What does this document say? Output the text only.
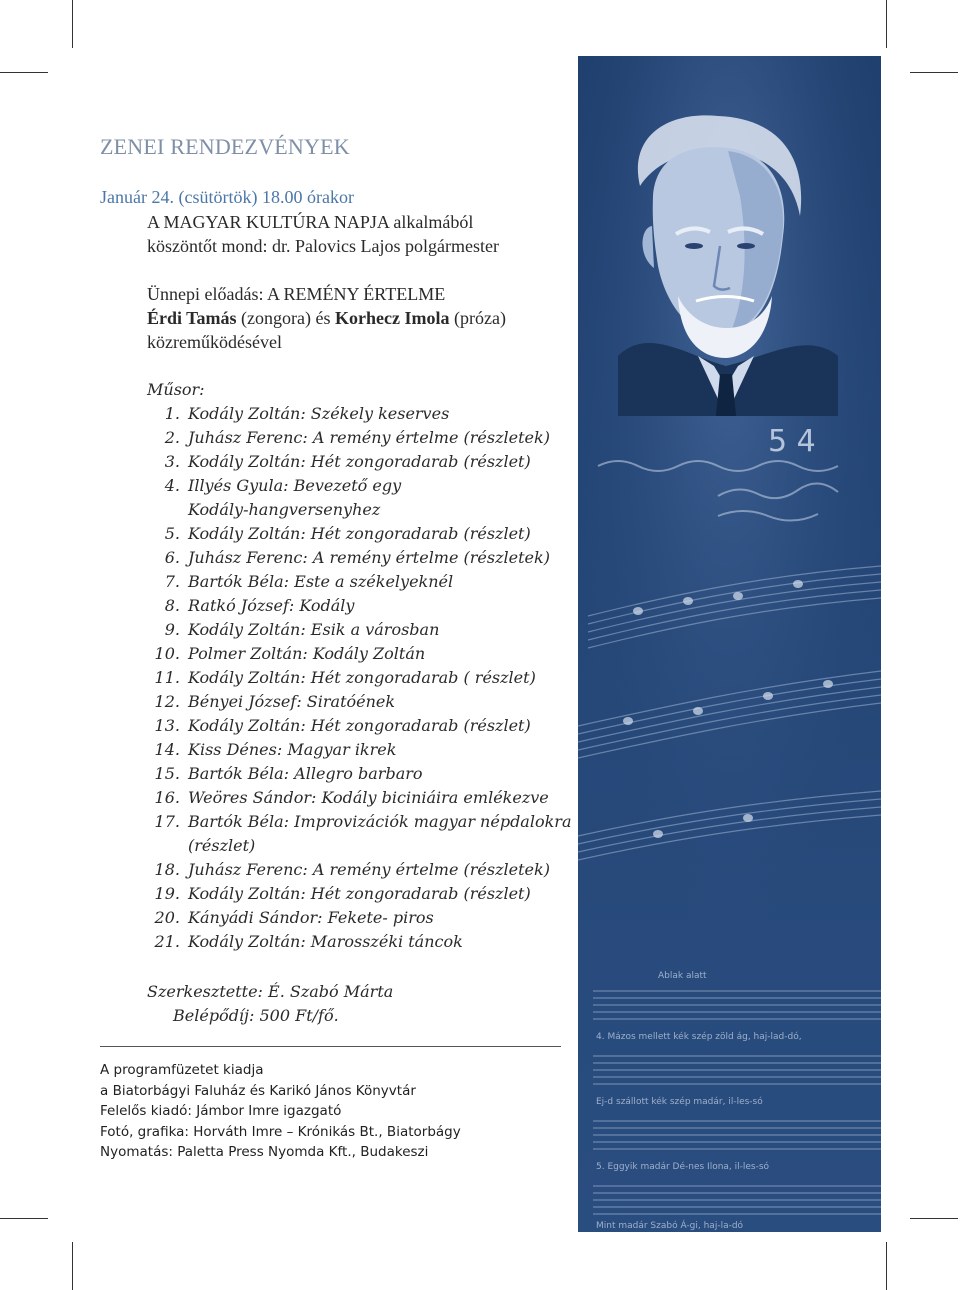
ZENEI RENDEZVÉNYEK
Január 24. (csütörtök) 18.00 órakor
A MAGYAR KULTÚRA NAPJA alkalmából
köszöntőt mond: dr. Palovics Lajos polgármester
Ünnepi előadás: A REMÉNY ÉRTELME
Érdi Tamás (zongora) és Korhecz Imola (próza)
közreműködésével
Műsor:
1. Kodály Zoltán: Székely keserves
2. Juhász Ferenc: A remény értelme (részletek)
3. Kodály Zoltán: Hét zongoradarab (részlet)
4. Illyés Gyula: Bevezető egy
Kodály-hangversenyhez
5. Kodály Zoltán: Hét zongoradarab (részlet)
6. Juhász Ferenc: A remény értelme (részletek)
7. Bartók Béla: Este a székelyeknél
8. Ratkó József: Kodály
9. Kodály Zoltán: Esik a városban
10. Polmer Zoltán: Kodály Zoltán
11. Kodály Zoltán: Hét zongoradarab ( részlet)
12. Bényei József: Siratóének
13. Kodály Zoltán: Hét zongoradarab (részlet)
14. Kiss Dénes: Magyar ikrek
15. Bartók Béla: Allegro barbaro
16. Weöres Sándor: Kodály biciniáira emlékezve
17. Bartók Béla: Improvizációk magyar népdalokra
(részlet)
18. Juhász Ferenc: A remény értelme (részletek)
19. Kodály Zoltán: Hét zongoradarab (részlet)
20. Kányádi Sándor: Fekete- piros
21. Kodály Zoltán: Marosszéki táncok
Szerkesztette: É. Szabó Márta
Belépődíj: 500 Ft/fő.
A programfüzetet kiadja
a Biatorbágyi Faluház és Karikó János Könyvtár
Felelős kiadó: Jámbor Imre igazgató
Fotó, grafika: Horváth Imre – Krónikás Bt., Biatorbágy
Nyomatás: Paletta Press Nyomda Kft., Budakeszi
5 4
Ablak alatt
4. Mázos mellett kék szép zöld ág, haj-lad-dó,
Ej-d szállott kék szép madár, il-les-só
5. Eggyik madár Dé-nes Ilona, il-les-só
Mint madár Szabó Á-gi, haj-la-dó
